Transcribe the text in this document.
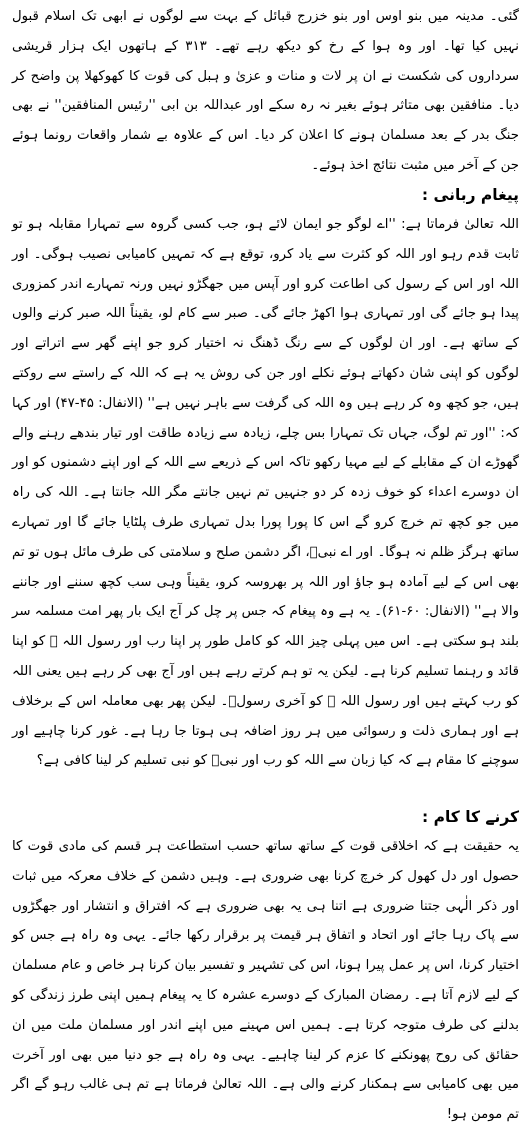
گئی۔ مدینہ میں بنو اوس اور بنو خزرج قبائل کے بہت سے لوگوں نے ابھی تک اسلام قبول نہیں کیا تھا۔ اور وہ ہوا کے رخ کو دیکھ رہے تھے۔ ۳۱۳ کے ہاتھوں ایک ہزار قریشی سرداروں کی شکست نے ان پر لات و منات و عزیٰ و ہبل کی قوت کا کھوکھلا پن واضح کر دیا۔ منافقین بھی متاثر ہوئے بغیر نہ رہ سکے اور عبداللہ بن ابی ''رئیس المنافقین'' نے بھی جنگ بدر کے بعد مسلمان ہونے کا اعلان کر دیا۔ اس کے علاوہ بے شمار واقعات رونما ہوئے جن کے آخر میں مثبت نتائج اخذ ہوئے۔

پیغام ربانی :

اللہ تعالیٰ فرماتا ہے: ''اے لوگو جو ایمان لائے ہو، جب کسی گروہ سے تمہارا مقابلہ ہو تو ثابت قدم رہو اور اللہ کو کثرت سے یاد کرو، توقع ہے کہ تمہیں کامیابی نصیب ہوگی۔ اور اللہ اور اس کے رسول کی اطاعت کرو اور آپس میں جھگڑو نہیں ورنہ تمہارے اندر کمزوری پیدا ہو جائے گی اور تمہاری ہوا اکھڑ جائے گی۔ صبر سے کام لو، یقیناً اللہ صبر کرنے والوں کے ساتھ ہے۔ اور ان لوگوں کے سے رنگ ڈھنگ نہ اختیار کرو جو اپنے گھر سے اتراتے اور لوگوں کو اپنی شان دکھاتے ہوئے نکلے اور جن کی روش یہ ہے کہ اللہ کے راستے سے روکتے ہیں، جو کچھ وہ کر رہے ہیں وہ اللہ کی گرفت سے باہر نہیں ہے'' (الانفال: ۴۵-۴۷) اور کہا کہ: ''اور تم لوگ، جہاں تک تمہارا بس چلے، زیادہ سے زیادہ طاقت اور تیار بندھے رہنے والے گھوڑے ان کے مقابلے کے لیے مہیا رکھو تاکہ اس کے ذریعے سے اللہ کے اور اپنے دشمنوں کو اور ان دوسرے اعداء کو خوف زدہ کر دو جنہیں تم نہیں جانتے مگر اللہ جانتا ہے۔ اللہ کی راہ میں جو کچھ تم خرچ کرو گے اس کا پورا پورا بدل تمہاری طرف پلٹایا جائے گا اور تمہارے ساتھ ہرگز ظلم نہ ہوگا۔ اور اے نبیؐ، اگر دشمن صلح و سلامتی کی طرف مائل ہوں تو تم بھی اس کے لیے آمادہ ہو جاؤ اور اللہ پر بھروسہ کرو، یقیناً وہی سب کچھ سننے اور جاننے والا ہے'' (الانفال: ۶۰-۶۱)۔ یہ ہے وہ پیغام کہ جس پر چل کر آج ایک بار پھر امت مسلمہ سر بلند ہو سکتی ہے۔ اس میں پہلی چیز اللہ کو کامل طور پر اپنا رب اور رسول اللہ ﷺ کو اپنا قائد و رہنما تسلیم کرنا ہے۔ لیکن یہ تو ہم کرتے رہے ہیں اور آج بھی کر رہے ہیں یعنی اللہ کو رب کہتے ہیں اور رسول اللہ ﷺ کو آخری رسولؐ۔ لیکن پھر بھی معاملہ اس کے برخلاف ہے اور ہماری ذلت و رسوائی میں ہر روز اضافہ ہی ہوتا جا رہا ہے۔ غور کرنا چاہیے اور سوچنے کا مقام ہے کہ کیا زبان سے اللہ کو رب اور نبیؐ کو نبی تسلیم کر لینا کافی ہے؟

کرنے کا کام :

یہ حقیقت ہے کہ اخلاقی قوت کے ساتھ ساتھ حسب استطاعت ہر قسم کی مادی قوت کا حصول اور دل کھول کر خرچ کرنا بھی ضروری ہے۔ وہیں دشمن کے خلاف معرکہ میں ثبات اور ذکر الٰہی جتنا ضروری ہے اتنا ہی یہ بھی ضروری ہے کہ افتراق و انتشار اور جھگڑوں سے پاک رہا جائے اور اتحاد و اتفاق ہر قیمت پر برقرار رکھا جائے۔ یہی وہ راہ ہے جس کو اختیار کرنا، اس پر عمل پیرا ہونا، اس کی تشہیر و تفسیر بیان کرنا ہر خاص و عام مسلمان کے لیے لازم آتا ہے۔ رمضان المبارک کے دوسرے عشرہ کا یہ پیغام ہمیں اپنی طرز زندگی کو بدلنے کی طرف متوجہ کرتا ہے۔ ہمیں اس مہینے میں اپنے اندر اور مسلمان ملت میں ان حقائق کی روح پھونکنے کا عزم کر لینا چاہیے۔ یہی وہ راہ ہے جو دنیا میں بھی اور آخرت میں بھی کامیابی سے ہمکنار کرنے والی ہے۔ اللہ تعالیٰ فرماتا ہے تم ہی غالب رہو گے اگر تم مومن ہو!
